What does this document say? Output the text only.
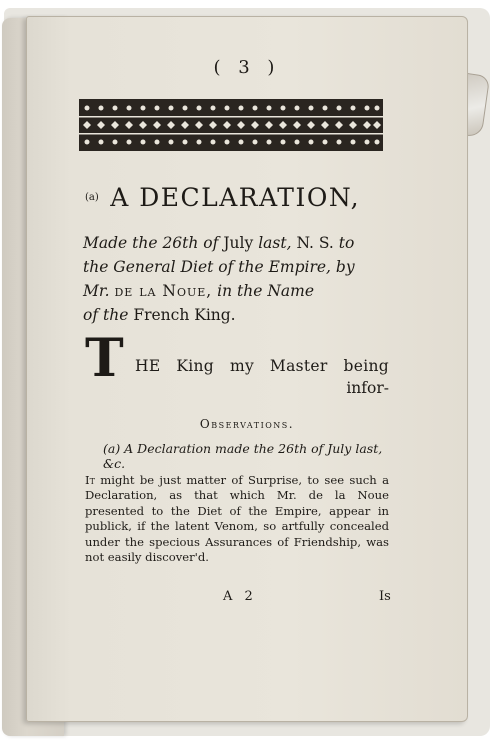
( 3 )
$^{(a)}$ A DECLARATION,
Made the 26th of July last, N. S. to
the General Diet of the Empire, by
Mr. de la Noue, in the Name
of the French King.
T HE King my Master being
infor-
Observations.
(a) A Declaration made the 26th of July last, &c.
It might be just matter of Surprise, to see such a Declaration, as that which Mr. de la Noue presented to the Diet of the Empire, appear in publick, if the latent Venom, so artfully concealed under the specious Assurances of Friendship, was not easily discover'd.
A 2	Is
